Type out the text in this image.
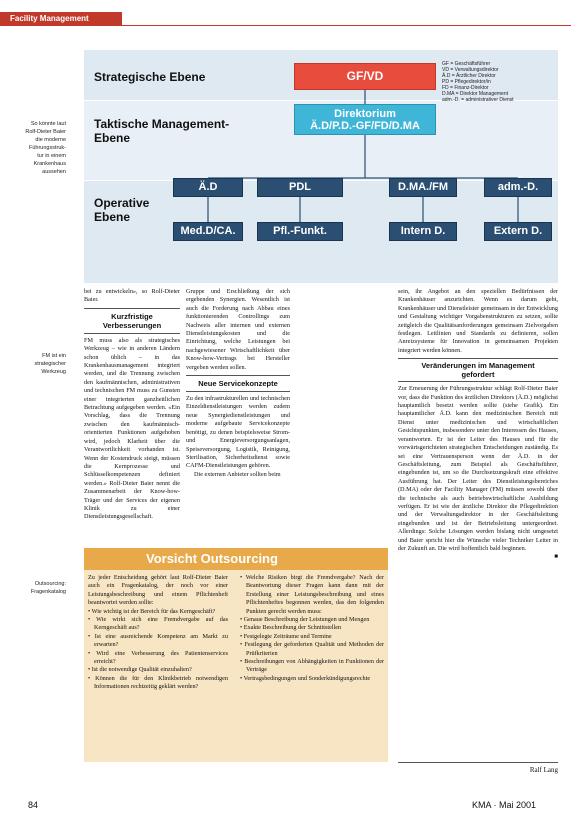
Facility Management
Strategische Ebene
Taktische Management-
Ebene
Operative
Ebene
GF/VD
Direktorium
Ä.D/P.D.-GF/FD/D.MA
GF = Geschäftsführer
VD = Verwaltungsdirektor
Ä.D = Ärztlicher Direktor
PD = Pflegedirektor/in
FD = Finanz-Direktor
D.MA = Direktor Management
adm.-D. = administrativer Dienst
Ä.D	PDL	D.MA./FM	adm.-D.
Med.D/CA.	Pfl.-Funkt.	Intern D.	Extern D.
So könnte laut
Rolf-Dieter Baier
die moderne
Führungsstruk-
tur in einem
Krankenhaus
aussehen
FM ist ein
strategischer
Werkzeug
Outsourcing:
Fragenkatalog

bei zu entwickeln», so Rolf-Dieter Baier.

Kurzfristige Verbesserungen

FM muss also als strategisches Werkzeug – wie in anderen Ländern schon üblich – in das Krankenhausmanagement integriert werden, und die Trennung zwischen den kaufmännischen, administrativen und technischen FM muss zu Gunsten einer integrierten ganzheitlichen Betrachtung aufgegeben werden. «Ein Vorschlag, dass die Trennung zwischen den kaufmännisch-orientierten Funktionen aufgehoben wird, jedoch Klarheit über die Verantwortlichkeit vorhanden ist. Wenn der Kostendruck steigt, müssen die Kernprozesse und Schlüsselkompetenzen definiert werden.» Rolf-Dieter Baier nennt die Zusammenarbeit der Know-how-Träger und der Services der eigenen Klinik zu einer Dienstleistungsgesellschaft.

Gruppe und Erschließung der sich ergebenden Synergien. Wesentlich ist auch die Forderung nach Abbau eines funktionierenden Controllings zum Nachweis aller internen und externen Dienstleistungskosten und die Einrichtung, welche Leistungen bei nachgewiesener Wirtschaftlichkeit über Know-how-Vertrags bei Hersteller vergeben werden sollen.

Neue Servicekonzepte

Zu den infrastrukturellen und technischen Einzeldienstleistungen werden zudem neue Synergiedienstleistungen und moderne aufgebaute Servicekonzepte benötigt, zu denen beispielsweise Strom- und Energieversorgungsanlagen, Speiseversorgung, Logistik, Reinigung, Sterilisation, Sicherheitsdienst sowie CAFM-Dienstleistungen gehören.

Die externen Anbieter sollten beim

sein, ihr Angebot an den speziellen Bedürfnissen der Krankenhäuser anzurichten. Wenn es darum geht, Krankenhäuser und Dienstleister gemeinsam in der Entwicklung und Gestaltung wichtiger Vorgabenstrukturen zu setzen, sollte zeitgleich die Qualitätsanforderungen gemeinsam Zielvorgaben festlegen. Leitlinien und Standards zu definieren, sollen Anreizsysteme für Innovation in gemeinsamen Projekten integriert werden können.

Veränderungen im Management
gefordert

Zur Erneuerung der Führungsstruktur schlägt Rolf-Dieter Baier vor, dass die Funktion des ärztlichen Direktors (Ä.D.) möglichst hauptamtlich besetzt werden sollte (siehe Grafik). Ein hauptamtlicher Ä.D. kann den medizinischen Bereich mit Dienst unter medizinischen und wirtschaftlichen Gesichtspunkten, insbesondere unter den Interessen des Hauses, verantworten. Er ist der Leiter des Hauses und für die vorwärtsgerichteten strategischen Entscheidungen zuständig. Es sei eine Vertrauensperson wenn der Ä.D. in der Geschäftsleitung, zum Beispiel als Geschäftsführer, eingebunden ist, um so die Durchsetzungskraft eine effektive Ausführung hat. Der Leiter des Dienstleistungsbereiches (D.MA) oder der Facility Manager (FM) müssen sowohl über die technische als auch betriebswirtschaftliche Ausbildung verfügen. Er ist wie der ärztliche Direktor die Pflegedirektion und der Verwaltungsdirektor in der Geschäftsleitung eingebunden und ist der Betriebsleitung untergeordnet. Allerdings: Solche Lösungen werden bislang nicht umgesetzt und Baier spricht hier die Wünsche vieler Techniker Leiter in der Zukunft an. Die wird hoffentlich bald beginnen.

■

Ralf Lang
Vorsicht Outsourcing

Zu jeder Entscheidung gehört laut Rolf-Dieter Baier auch ein Fragenkatalog, der noch vor einer Leistungsbeschreibung und einem Pflichtenheft beantwortet werden sollte:

• Wie wichtig ist der Bereich für das Kerngeschäft?
• Wie wirkt sich eine Fremdvergabe auf das Kerngeschäft aus?
• Ist eine ausreichende Kompetenz am Markt zu erwarten?
• Wird eine Verbesserung des Patientenservices erreicht?
• Ist die notwendige Qualität einzuhalten?
• Können die für den Klinikbetrieb notwendigen Informationen rechtzeitig geklärt werden?
• Welche Risiken birgt die Fremdvergabe? Nach der Beantwortung dieser Fragen kann dann mit der Erstellung einer Leistungsbeschreibung und eines Pflichtenheftes begonnen werden, das den folgenden Punkten gerecht werden muss:
• Genaue Beschreibung der Leistungen und Mengen
• Exakte Beschreibung der Schnittstellen
• Festgelegte Zeiträume und Termine
• Festlegung der geforderten Qualität und Methoden der Prüfkriterien
• Beschreibungen von Abhängigkeiten in Funktionen der Verträge
• Vertragsbedingungen und Sonderkündigungsrechte
84	KMA · Mai 2001
